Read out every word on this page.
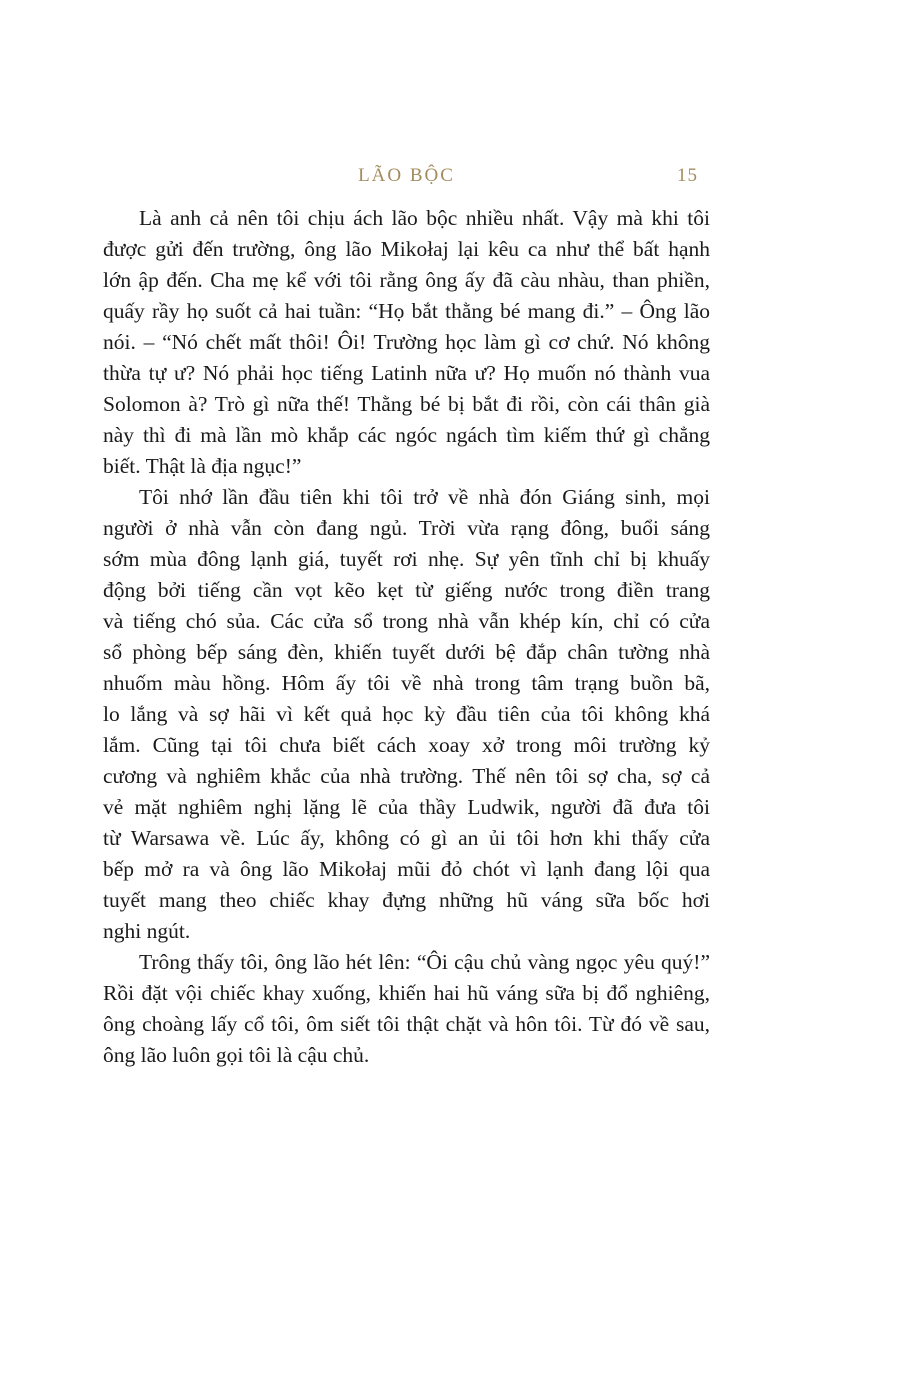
LÃO BỘC	15
Là anh cả nên tôi chịu ách lão bộc nhiều nhất. Vậy mà khi tôi
được gửi đến trường, ông lão Mikołaj lại kêu ca như thể bất hạnh
lớn ập đến. Cha mẹ kể với tôi rằng ông ấy đã càu nhàu, than phiền,
quấy rầy họ suốt cả hai tuần: “Họ bắt thằng bé mang đi.” – Ông lão
nói. – “Nó chết mất thôi! Ôi! Trường học làm gì cơ chứ. Nó không
thừa tự ư? Nó phải học tiếng Latinh nữa ư? Họ muốn nó thành vua
Solomon à? Trò gì nữa thế! Thằng bé bị bắt đi rồi, còn cái thân già
này thì đi mà lần mò khắp các ngóc ngách tìm kiếm thứ gì chẳng
biết. Thật là địa ngục!”
Tôi nhớ lần đầu tiên khi tôi trở về nhà đón Giáng sinh, mọi
người ở nhà vẫn còn đang ngủ. Trời vừa rạng đông, buổi sáng
sớm mùa đông lạnh giá, tuyết rơi nhẹ. Sự yên tĩnh chỉ bị khuấy
động bởi tiếng cần vọt kẽo kẹt từ giếng nước trong điền trang
và tiếng chó sủa. Các cửa sổ trong nhà vẫn khép kín, chỉ có cửa
sổ phòng bếp sáng đèn, khiến tuyết dưới bệ đắp chân tường nhà
nhuốm màu hồng. Hôm ấy tôi về nhà trong tâm trạng buồn bã,
lo lắng và sợ hãi vì kết quả học kỳ đầu tiên của tôi không khá
lắm. Cũng tại tôi chưa biết cách xoay xở trong môi trường kỷ
cương và nghiêm khắc của nhà trường. Thế nên tôi sợ cha, sợ cả
vẻ mặt nghiêm nghị lặng lẽ của thầy Ludwik, người đã đưa tôi
từ Warsawa về. Lúc ấy, không có gì an ủi tôi hơn khi thấy cửa
bếp mở ra và ông lão Mikołaj mũi đỏ chót vì lạnh đang lội qua
tuyết mang theo chiếc khay đựng những hũ váng sữa bốc hơi
nghi ngút.
Trông thấy tôi, ông lão hét lên: “Ôi cậu chủ vàng ngọc yêu quý!”
Rồi đặt vội chiếc khay xuống, khiến hai hũ váng sữa bị đổ nghiêng,
ông choàng lấy cổ tôi, ôm siết tôi thật chặt và hôn tôi. Từ đó về sau,
ông lão luôn gọi tôi là cậu chủ.
